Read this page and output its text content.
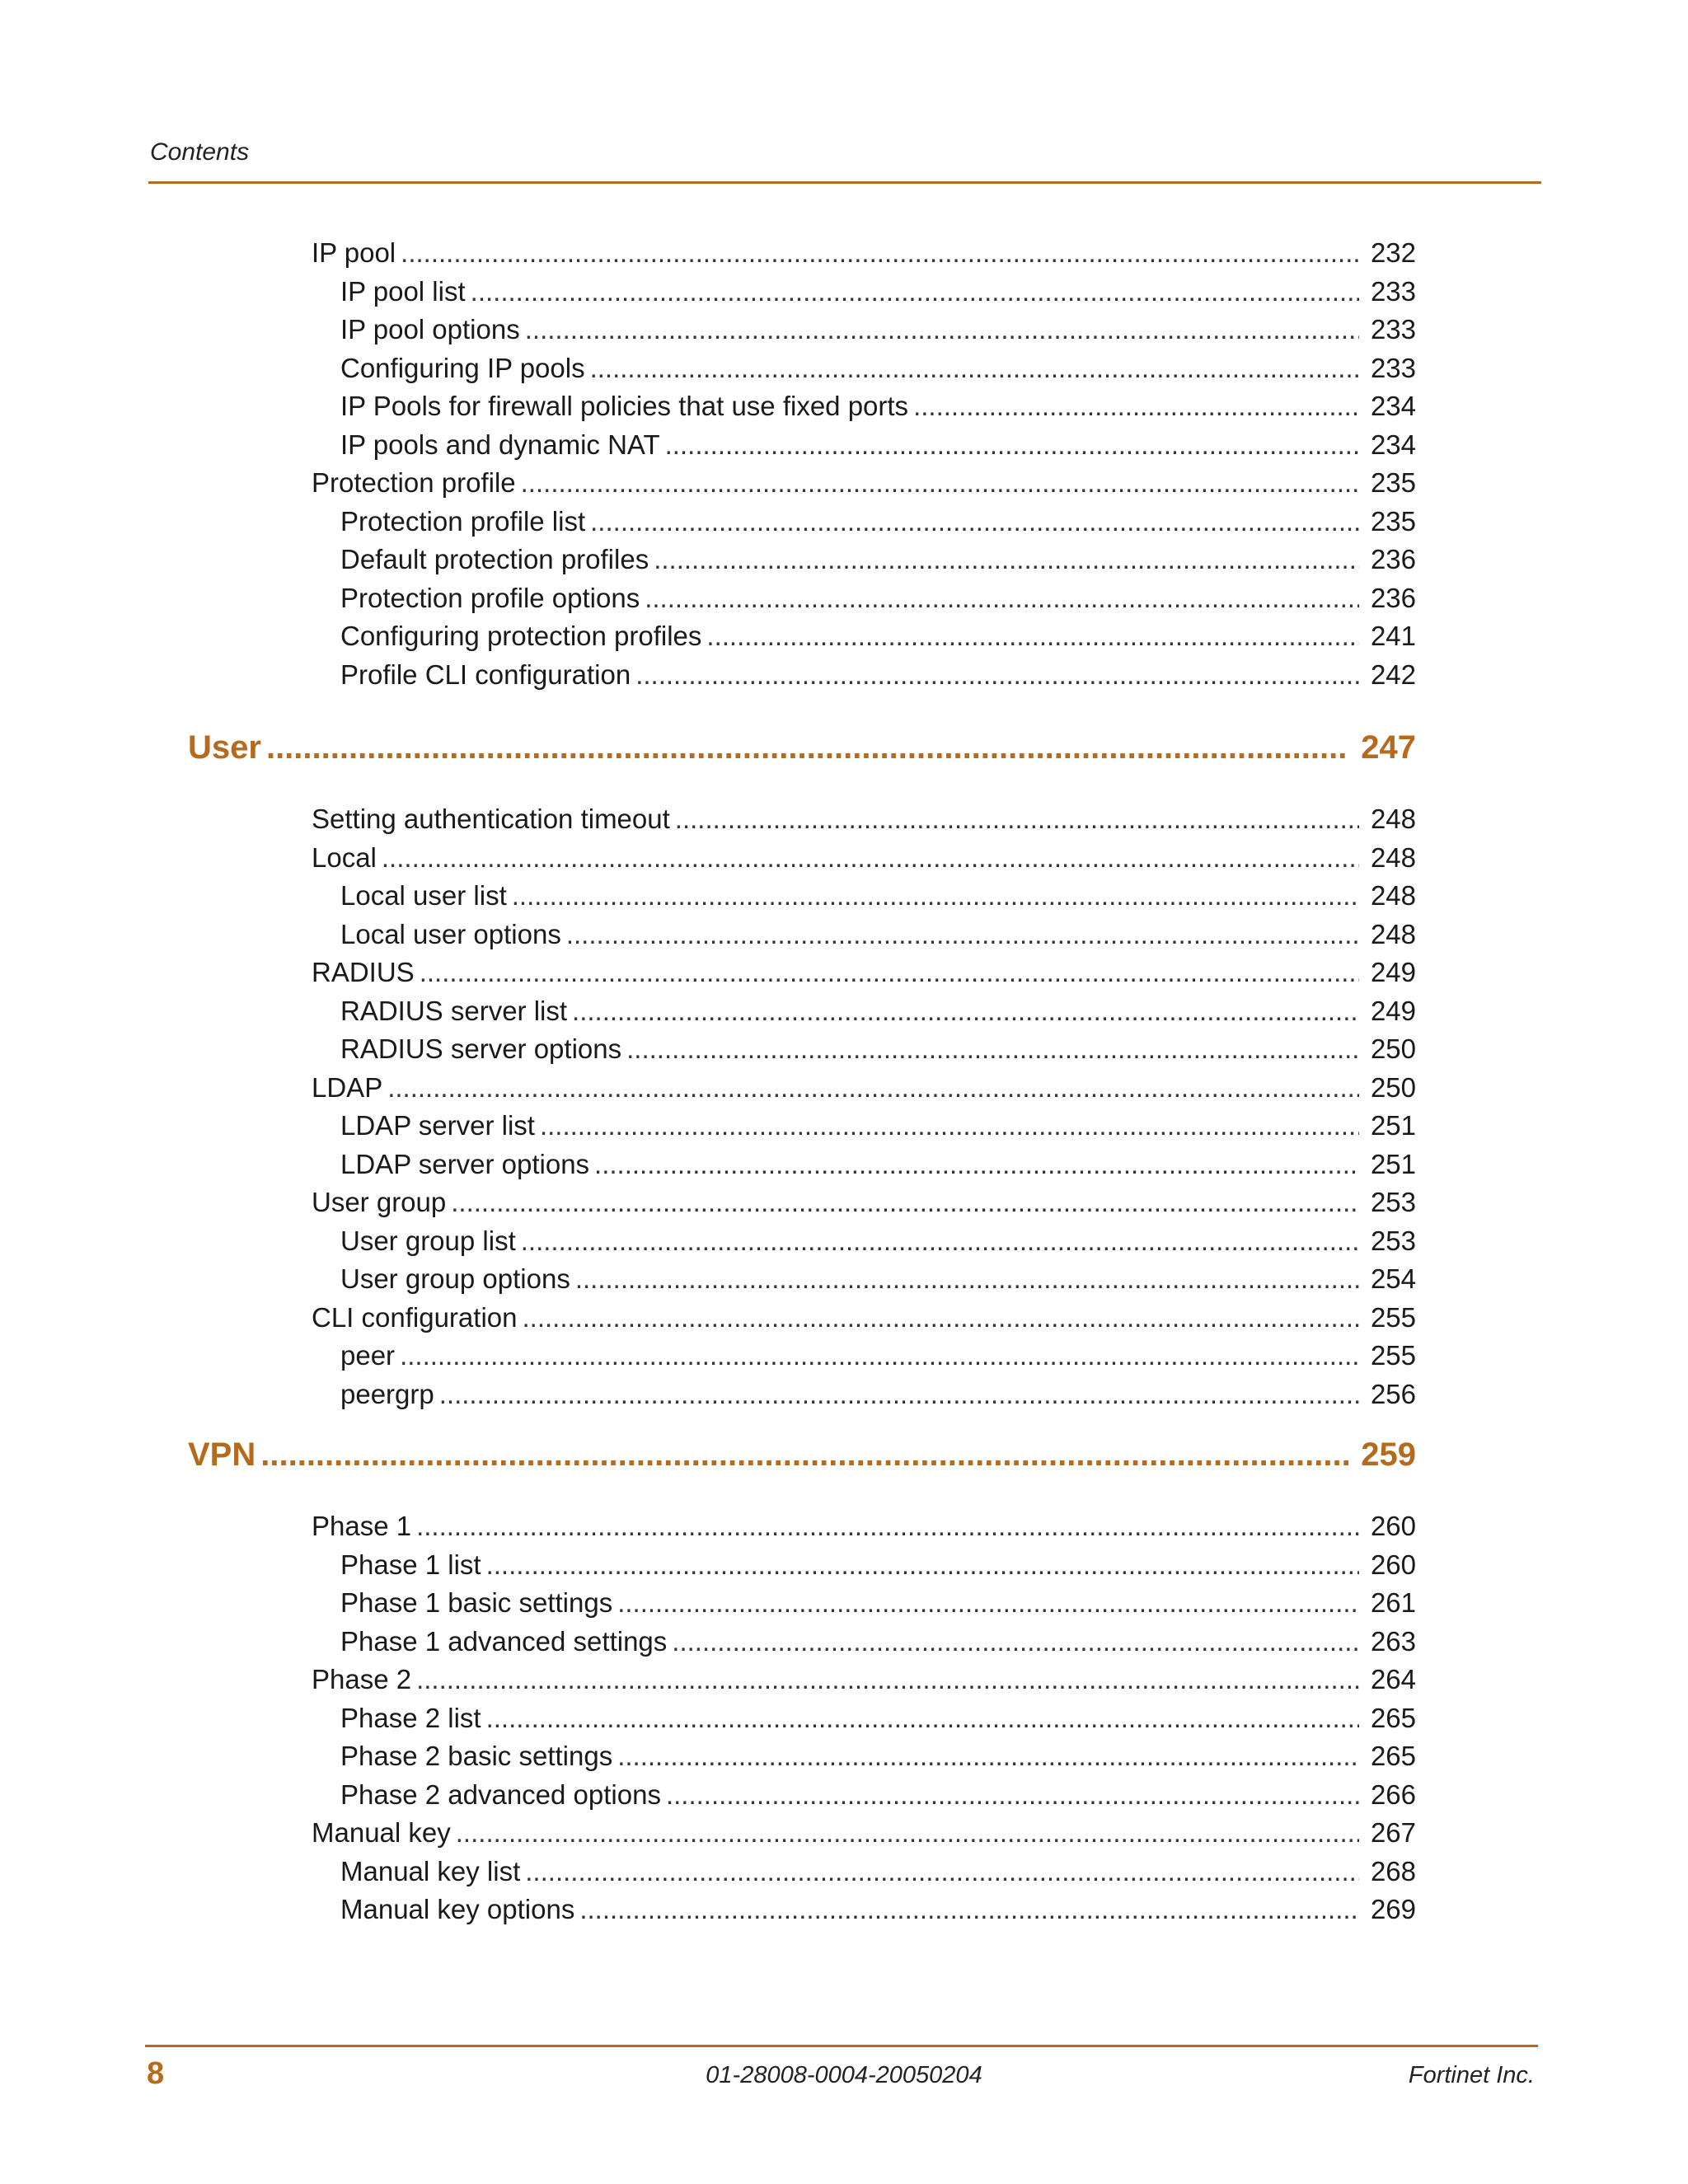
Contents
IP pool .....	232
IP pool list .....	233
IP pool options .....	233
Configuring IP pools .....	233
IP Pools for firewall policies that use fixed ports .....	234
IP pools and dynamic NAT .....	234
Protection profile .....	235
Protection profile list .....	235
Default protection profiles .....	236
Protection profile options .....	236
Configuring protection profiles .....	241
Profile CLI configuration .....	242
User .....	247
Setting authentication timeout .....	248
Local .....	248
Local user list .....	248
Local user options .....	248
RADIUS .....	249
RADIUS server list .....	249
RADIUS server options .....	250
LDAP .....	250
LDAP server list .....	251
LDAP server options .....	251
User group .....	253
User group list .....	253
User group options .....	254
CLI configuration .....	255
peer .....	255
peergrp .....	256
VPN .....	259
Phase 1 .....	260
Phase 1 list .....	260
Phase 1 basic settings .....	261
Phase 1 advanced settings .....	263
Phase 2 .....	264
Phase 2 list .....	265
Phase 2 basic settings .....	265
Phase 2 advanced options .....	266
Manual key .....	267
Manual key list .....	268
Manual key options .....	269
8	01-28008-0004-20050204	Fortinet Inc.
